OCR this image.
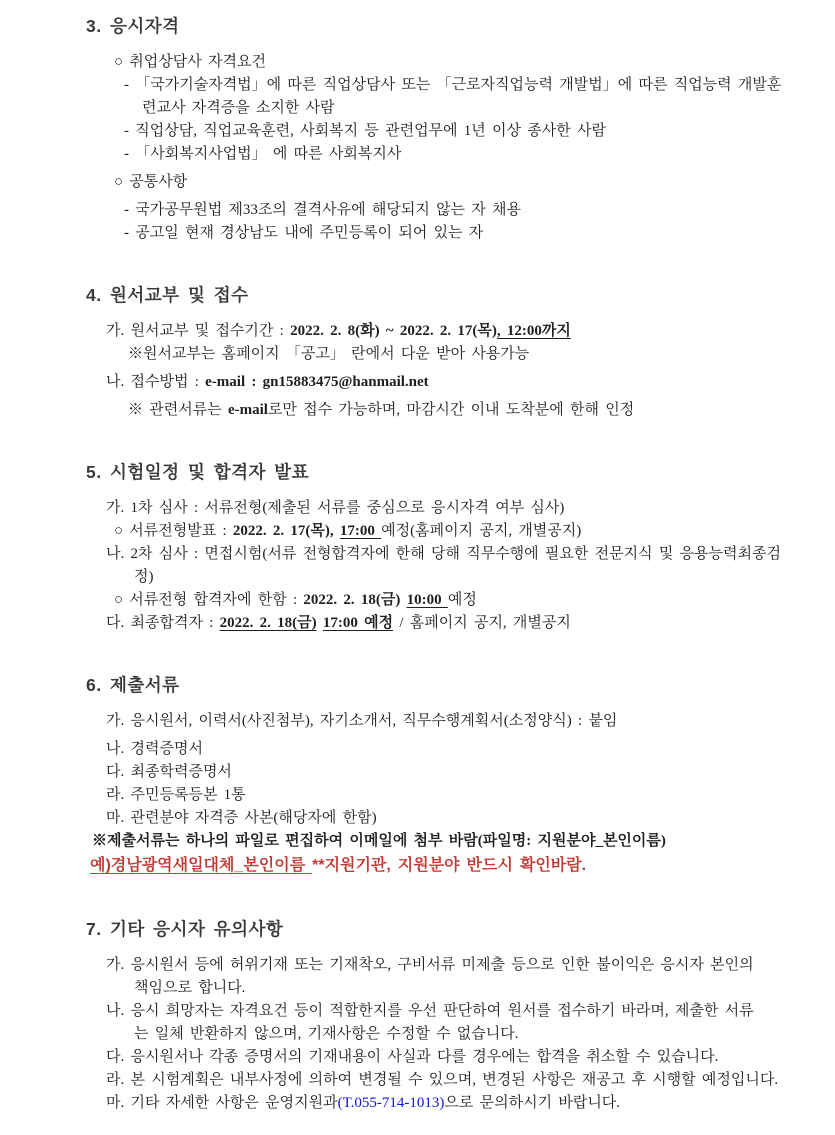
3. 응시자격
○ 취업상담사 자격요건
- 「국가기술자격법」에 따른 직업상담사 또는 「근로자직업능력 개발법」에 따른 직업능력 개발훈
련교사 자격증을 소지한 사람
- 직업상담, 직업교육훈련, 사회복지 등 관련업무에 1년 이상 종사한 사람
- 「사회복지사업법」 에 따른 사회복지사
○ 공통사항
- 국가공무원법 제33조의 결격사유에 해당되지 않는 자 채용
- 공고일 현재 경상남도 내에 주민등록이 되어 있는 자
4. 원서교부 및 접수
가. 원서교부 및 접수기간 : 2022. 2. 8(화) ~ 2022. 2. 17(목), 12:00까지
※원서교부는 홈페이지 「공고」 란에서 다운 받아 사용가능
나. 접수방법 : e-mail : gn15883475@hanmail.net
※ 관련서류는 e-mail로만 접수 가능하며, 마감시간 이내 도착분에 한해 인정
5. 시험일정 및 합격자 발표
가. 1차 심사 : 서류전형(제출된 서류를 중심으로 응시자격 여부 심사)
○ 서류전형발표 : 2022. 2. 17(목), 17:00 예정(홈페이지 공지, 개별공지)
나. 2차 심사 : 면접시험(서류 전형합격자에 한해 당해 직무수행에 필요한 전문지식 및 응용능력최종검정)
○ 서류전형 합격자에 한함 : 2022. 2. 18(금) 10:00 예정
다. 최종합격자 : 2022. 2. 18(금) 17:00 예정 / 홈페이지 공지, 개별공지
6. 제출서류
가. 응시원서, 이력서(사진첨부), 자기소개서, 직무수행계획서(소정양식) : 붙임
나. 경력증명서
다. 최종학력증명서
라. 주민등록등본 1통
마. 관련분야 자격증 사본(해당자에 한함)
※제출서류는 하나의 파일로 편집하여 이메일에 첨부 바람(파일명: 지원분야_본인이름)
예)경남광역새일대체_본인이름 **지원기관, 지원분야 반드시 확인바람.
7. 기타 응시자 유의사항
가. 응시원서 등에 허위기재 또는 기재착오, 구비서류 미제출 등으로 인한 불이익은 응시자 본인의
책임으로 합니다.
나. 응시 희망자는 자격요건 등이 적합한지를 우선 판단하여 원서를 접수하기 바라며, 제출한 서류
는 일체 반환하지 않으며, 기재사항은 수정할 수 없습니다.
다. 응시원서나 각종 증명서의 기재내용이 사실과 다를 경우에는 합격을 취소할 수 있습니다.
라. 본 시험계획은 내부사정에 의하여 변경될 수 있으며, 변경된 사항은 재공고 후 시행할 예정입니다.
마. 기타 자세한 사항은 운영지원과(T.055-714-1013)으로 문의하시기 바랍니다.
